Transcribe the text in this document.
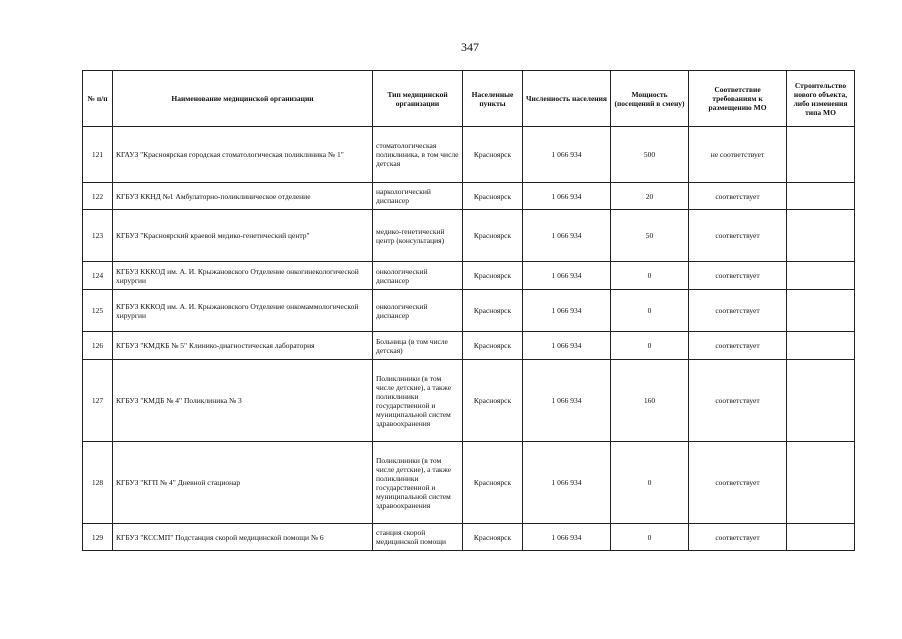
347
№ п/п	Наименование медицинской организации	Тип медицинской организации	Населенные пункты	Численность населения	Мощность (посещений в смену)	Соответствие требованиям к размещению МО	Строительство нового объекта, либо изменения типа МО
121	КГАУЗ "Красноярская городская стоматологическая поликлиника № 1"	стоматологическая поликлиника, в том числе детская	Красноярск	1 066 934	500	не соответствует	
122	КГБУЗ ККНД №1 Амбулаторно-поликлиническое отделение	наркологический диспансер	Красноярск	1 066 934	20	соответствует	
123	КГБУЗ "Красноярский краевой медико-генетический центр"	медико-генетический центр (консультация)	Красноярск	1 066 934	50	соответствует	
124	КГБУЗ КККОД им. А. И. Крыжановского Отделение онкогинекологической хирургии	онкологический диспансер	Красноярск	1 066 934	0	соответствует	
125	КГБУЗ КККОД им. А. И. Крыжановского Отделение онкомаммологической хирургии	онкологический диспансер	Красноярск	1 066 934	0	соответствует	
126	КГБУЗ "КМДКБ № 5" Клинико-диагностическая лаборатория	Больница (в том числе детская)	Красноярск	1 066 934	0	соответствует	
127	КГБУЗ "КМДБ № 4" Поликлиника № 3	Поликлиники (в том числе детские), а также поликлиники государственной и муниципальной систем здравоохранения	Красноярск	1 066 934	160	соответствует	
128	КГБУЗ "КГП № 4" Дневной стационар	Поликлиники (в том числе детские), а также поликлиники государственной и муниципальной систем здравоохранения	Красноярск	1 066 934	0	соответствует	
129	КГБУЗ "КССМП" Подстанция скорой медицинской помощи № 6	станция скорой медицинской помощи	Красноярск	1 066 934	0	соответствует	
